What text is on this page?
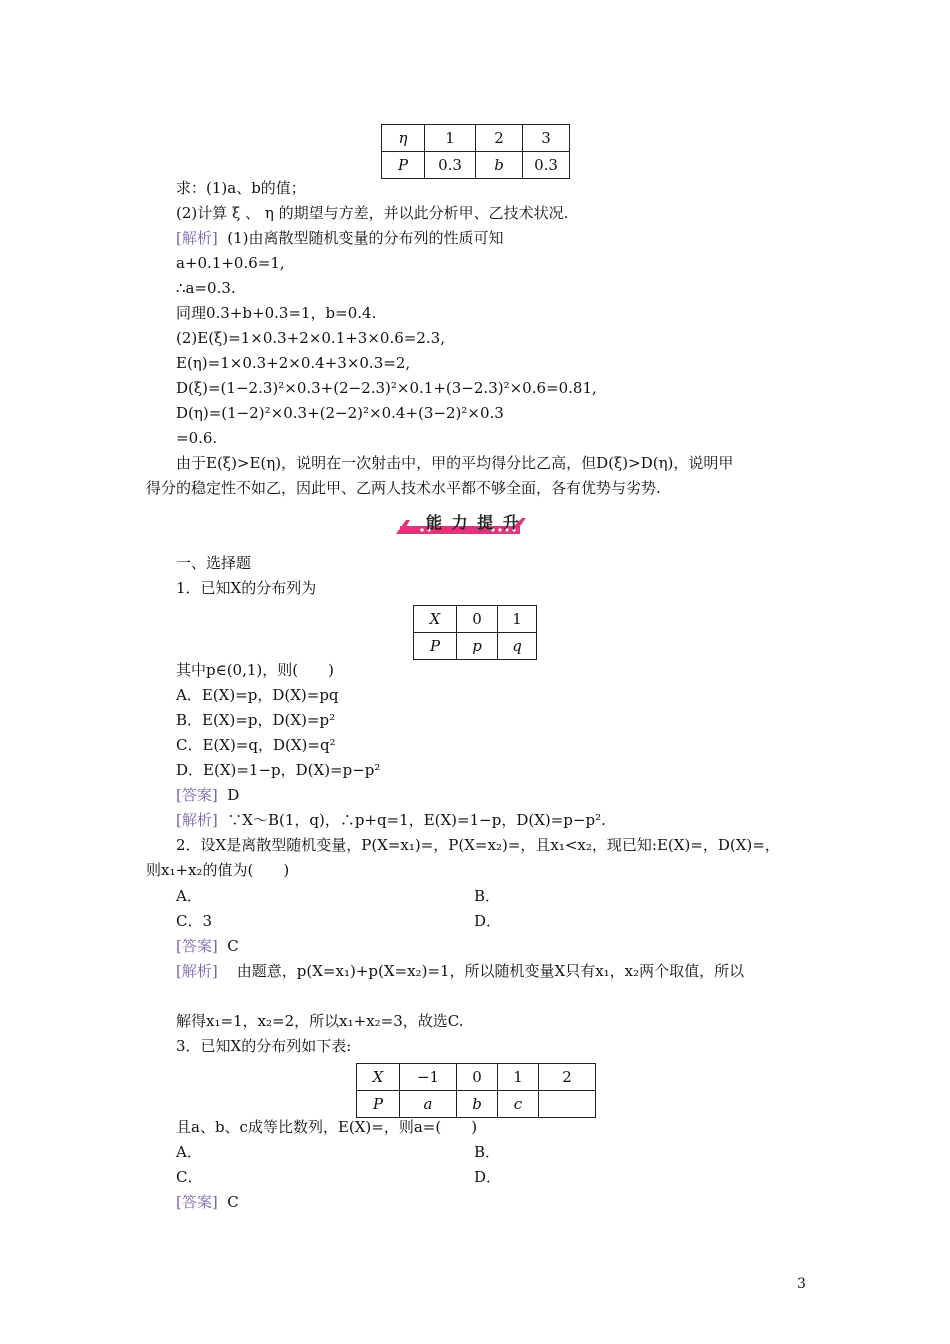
η	1	2	3
P	0.3	b	0.3
求：(1)a、b的值；
(2)计算 ξ 、 η 的期望与方差，并以此分析甲、乙技术状况.
[解析] (1)由离散型随机变量的分布列的性质可知
a+0.1+0.6=1,
∴a=0.3.
同理0.3+b+0.3=1，b=0.4.
(2)E(ξ)=1×0.3+2×0.1+3×0.6=2.3,
E(η)=1×0.3+2×0.4+3×0.3=2,
D(ξ)=(1−2.3)²×0.3+(2−2.3)²×0.1+(3−2.3)²×0.6=0.81,
D(η)=(1−2)²×0.3+(2−2)²×0.4+(3−2)²×0.3
=0.6.
由于E(ξ)>E(η)，说明在一次射击中，甲的平均得分比乙高，但D(ξ)>D(η)，说明甲
得分的稳定性不如乙，因此甲、乙两人技术水平都不够全面，各有优势与劣势.
能 力 提 升
一、选择题
1．已知X的分布列为
X	0	1
P	p	q
其中p∈(0,1)，则(　　)
A．E(X)=p，D(X)=pq
B．E(X)=p，D(X)=p²
C．E(X)=q，D(X)=q²
D．E(X)=1−p，D(X)=p−p²
[答案] D
[解析] ∵X～B(1，q)，∴p+q=1，E(X)=1−p，D(X)=p−p².
2．设X是离散型随机变量，P(X=x₁)=，P(X=x₂)=，且x₁<x₂，现已知:E(X)=，D(X)=，
则x₁+x₂的值为(　　)
A．	B．
C．3	D．
[答案] C
[解析] 由题意，p(X=x₁)+p(X=x₂)=1，所以随机变量X只有x₁，x₂两个取值，所以
解得x₁=1，x₂=2，所以x₁+x₂=3，故选C.
3．已知X的分布列如下表:
X	−1	0	1	2
P	a	b	c	
且a、b、c成等比数列，E(X)=，则a=(　　)
A．	B．
C．	D．
[答案] C
3
